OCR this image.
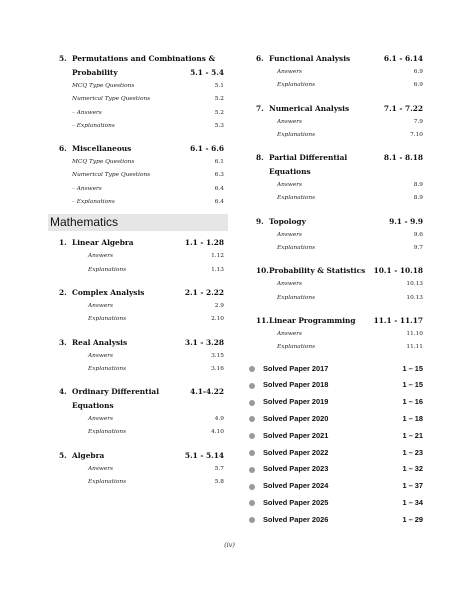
5. Permutations and Combinations &
Probability	5.1 - 5.4
MCQ Type Questions	5.1
Numerical Type Questions	5.2
– Answers	5.2
– Explanations	5.3
6. Miscellaneous	6.1 - 6.6
MCQ Type Questions	6.1
Numerical Type Questions	6.3
– Answers	6.4
– Explanations	6.4
Mathematics
1. Linear Algebra	1.1 - 1.28
Answers	1.12
Explanations	1.13
2. Complex Analysis	2.1 - 2.22
Answers	2.9
Explanations	2.10
3. Real Analysis	3.1 - 3.28
Answers	3.15
Explanations	3.16
4. Ordinary Differential Equations
4.1-4.22
Answers	4.9
Explanations	4.10
5. Algebra	5.1 - 5.14
Answers	5.7
Explanations	5.8
6. Functional Analysis	6.1 - 6.14
Answers	6.9
Explanations	6.9
7. Numerical Analysis	7.1 - 7.22
Answers	7.9
Explanations	7.10
8. Partial Differential Equations
8.1 - 8.18
Answers	8.9
Explanations	8.9
9. Topology	9.1 - 9.9
Answers	9.6
Explanations	9.7
10. Probability & Statistics	10.1 - 10.18
Answers	10.13
Explanations	10.13
11. Linear Programming	11.1 - 11.17
Answers	11.10
Explanations	11.11
Solved Paper 2017	1 – 15
Solved Paper 2018	1 – 15
Solved Paper 2019	1 – 16
Solved Paper 2020	1 – 18
Solved Paper 2021	1 – 21
Solved Paper 2022	1 – 23
Solved Paper 2023	1 – 32
Solved Paper 2024	1 – 37
Solved Paper 2025	1 – 34
Solved Paper 2026	1 – 29
(iv)
